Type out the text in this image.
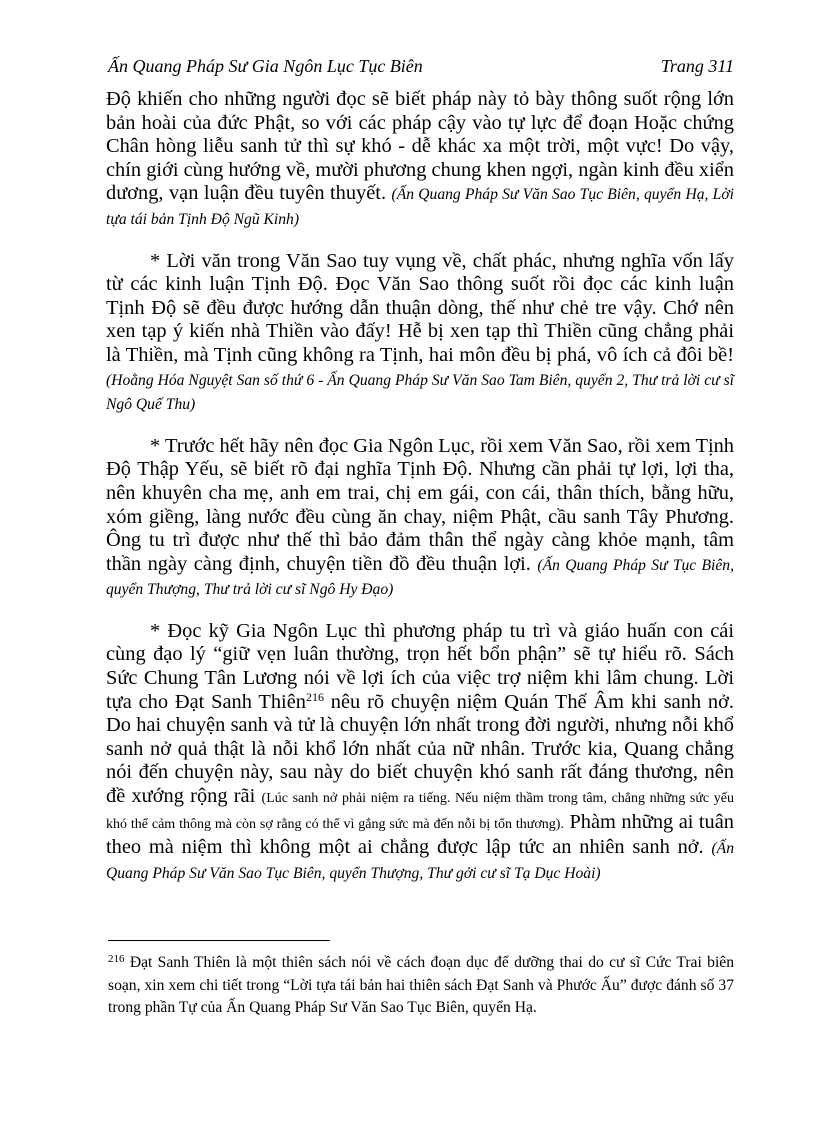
Ấn Quang Pháp Sư Gia Ngôn Lục Tục Biên	Trang 311

Độ khiến cho những người đọc sẽ biết pháp này tỏ bày thông suốt rộng lớn bản hoài của đức Phật, so với các pháp cậy vào tự lực để đoạn Hoặc chứng Chân hòng liễu sanh tử thì sự khó - dễ khác xa một trời, một vực! Do vậy, chín giới cùng hướng về, mười phương chung khen ngợi, ngàn kinh đều xiển dương, vạn luận đều tuyên thuyết. (Ấn Quang Pháp Sư Văn Sao Tục Biên, quyển Hạ, Lời tựa tái bản Tịnh Độ Ngũ Kinh)

* Lời văn trong Văn Sao tuy vụng về, chất phác, nhưng nghĩa vốn lấy từ các kinh luận Tịnh Độ. Đọc Văn Sao thông suốt rồi đọc các kinh luận Tịnh Độ sẽ đều được hướng dẫn thuận dòng, thế như chẻ tre vậy. Chớ nên xen tạp ý kiến nhà Thiền vào đấy! Hễ bị xen tạp thì Thiền cũng chẳng phải là Thiền, mà Tịnh cũng không ra Tịnh, hai môn đều bị phá, vô ích cả đôi bề! (Hoằng Hóa Nguyệt San số thứ 6 - Ấn Quang Pháp Sư Văn Sao Tam Biên, quyển 2, Thư trả lời cư sĩ Ngô Quế Thu)

* Trước hết hãy nên đọc Gia Ngôn Lục, rồi xem Văn Sao, rồi xem Tịnh Độ Thập Yếu, sẽ biết rõ đại nghĩa Tịnh Độ. Nhưng cần phải tự lợi, lợi tha, nên khuyên cha mẹ, anh em trai, chị em gái, con cái, thân thích, bằng hữu, xóm giềng, làng nước đều cùng ăn chay, niệm Phật, cầu sanh Tây Phương. Ông tu trì được như thế thì bảo đảm thân thể ngày càng khỏe mạnh, tâm thần ngày càng định, chuyện tiền đồ đều thuận lợi. (Ấn Quang Pháp Sư Tục Biên, quyển Thượng, Thư trả lời cư sĩ Ngô Hy Đạo)

* Đọc kỹ Gia Ngôn Lục thì phương pháp tu trì và giáo huấn con cái cùng đạo lý “giữ vẹn luân thường, trọn hết bổn phận” sẽ tự hiểu rõ. Sách Sức Chung Tân Lương nói về lợi ích của việc trợ niệm khi lâm chung. Lời tựa cho Đạt Sanh Thiên$^{216}$ nêu rõ chuyện niệm Quán Thế Âm khi sanh nở. Do hai chuyện sanh và tử là chuyện lớn nhất trong đời người, nhưng nỗi khổ sanh nở quả thật là nỗi khổ lớn nhất của nữ nhân. Trước kia, Quang chẳng nói đến chuyện này, sau này do biết chuyện khó sanh rất đáng thương, nên đề xướng rộng rãi (Lúc sanh nở phải niệm ra tiếng. Nếu niệm thầm trong tâm, chẳng những sức yếu khó thể cảm thông mà còn sợ rằng có thể vì gắng sức mà đến nỗi bị tổn thương). Phàm những ai tuân theo mà niệm thì không một ai chẳng được lập tức an nhiên sanh nở. (Ấn Quang Pháp Sư Văn Sao Tục Biên, quyển Thượng, Thư gởi cư sĩ Tạ Dục Hoài)

$^{216}$ Đạt Sanh Thiên là một thiên sách nói về cách đoạn dục để dưỡng thai do cư sĩ Cức Trai biên soạn, xin xem chi tiết trong “Lời tựa tái bản hai thiên sách Đạt Sanh và Phước Ấu” được đánh số 37 trong phần Tự của Ấn Quang Pháp Sư Văn Sao Tục Biên, quyển Hạ.
